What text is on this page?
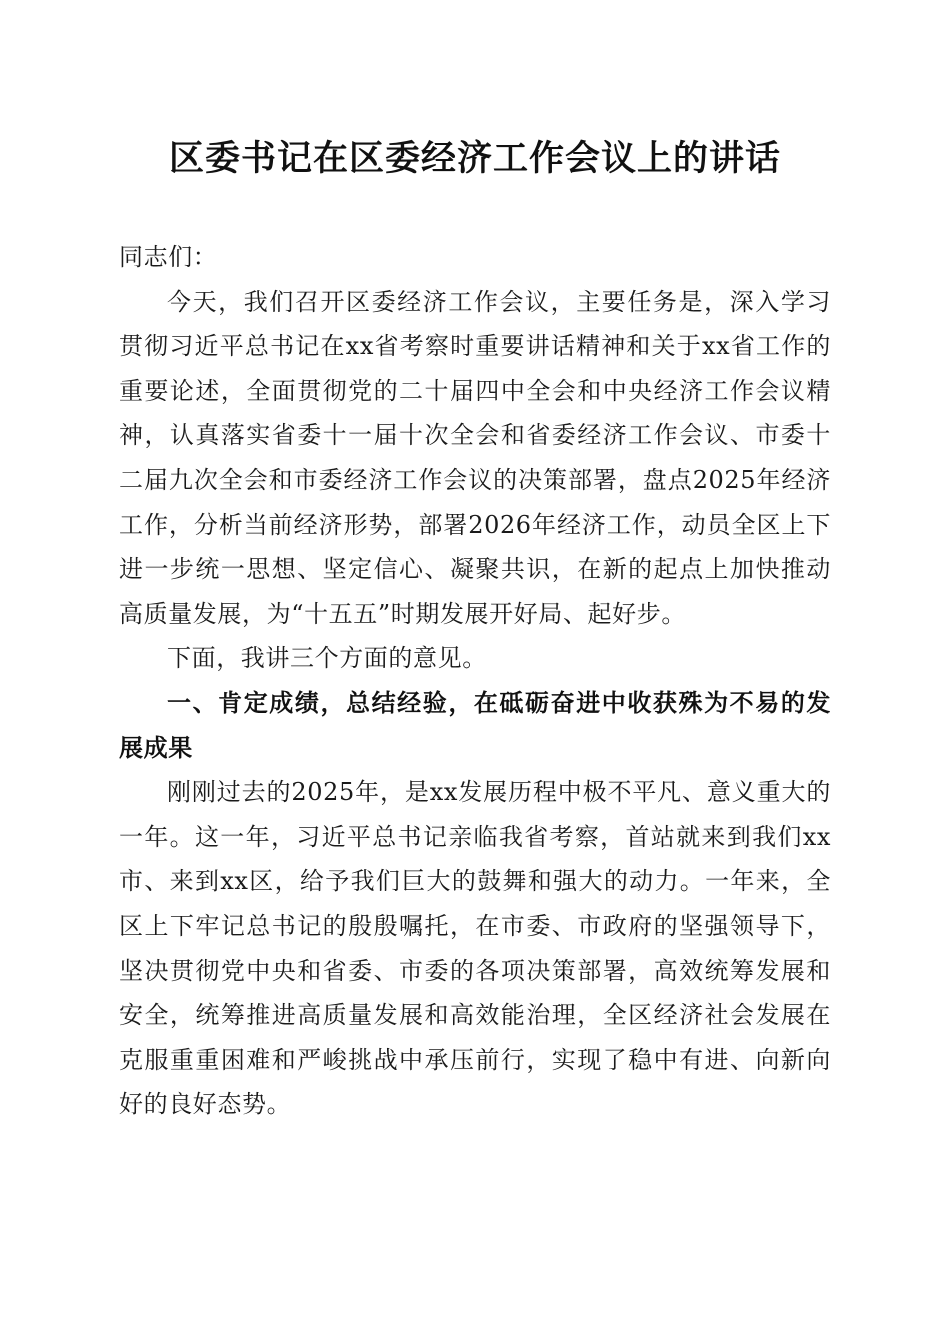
区委书记在区委经济工作会议上的讲话

同志们：

今天，我们召开区委经济工作会议，主要任务是，深入学习贯彻习近平总书记在xx省考察时重要讲话精神和关于xx省工作的重要论述，全面贯彻党的二十届四中全会和中央经济工作会议精神，认真落实省委十一届十次全会和省委经济工作会议、市委十二届九次全会和市委经济工作会议的决策部署，盘点2025年经济工作，分析当前经济形势，部署2026年经济工作，动员全区上下进一步统一思想、坚定信心、凝聚共识，在新的起点上加快推动高质量发展，为“十五五”时期发展开好局、起好步。

下面，我讲三个方面的意见。

一、肯定成绩，总结经验，在砥砺奋进中收获殊为不易的发展成果

刚刚过去的2025年，是xx发展历程中极不平凡、意义重大的一年。这一年，习近平总书记亲临我省考察，首站就来到我们xx市、来到xx区，给予我们巨大的鼓舞和强大的动力。一年来，全区上下牢记总书记的殷殷嘱托，在市委、市政府的坚强领导下，坚决贯彻党中央和省委、市委的各项决策部署，高效统筹发展和安全，统筹推进高质量发展和高效能治理，全区经济社会发展在克服重重困难和严峻挑战中承压前行，实现了稳中有进、向新向好的良好态势。
